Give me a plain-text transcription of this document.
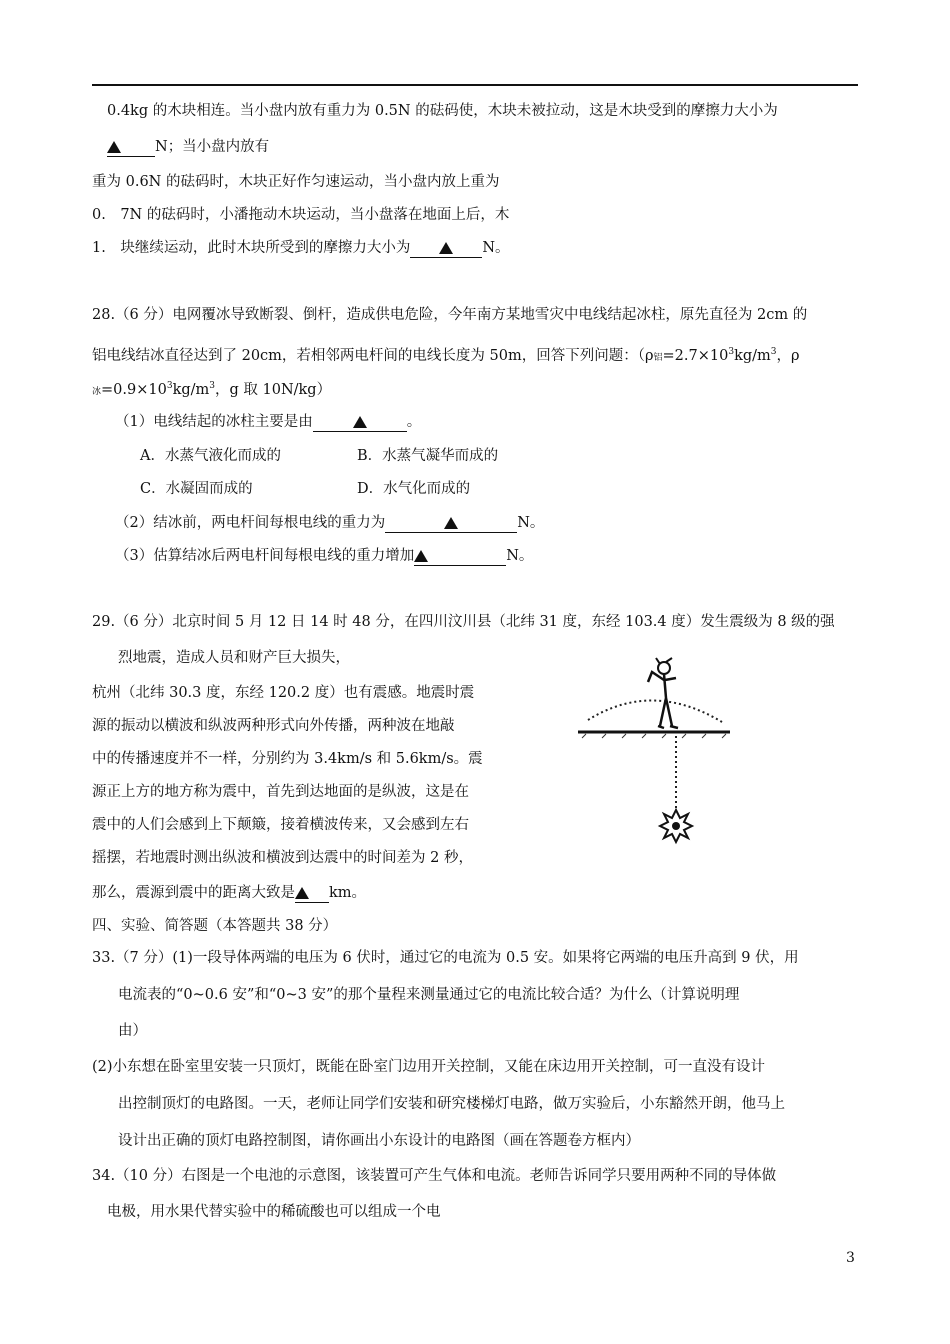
0.4kg 的木块相连。当小盘内放有重力为 0.5N 的砝码使，木块未被拉动，这是木块受到的摩擦力大小为
N；当小盘内放有
重为 0.6N 的砝码时，木块正好作匀速运动，当小盘内放上重为
0.　7N 的砝码时，小潘拖动木块运动，当小盘落在地面上后，木
1.　块继续运动，此时木块所受到的摩擦力大小为	N。
28.（6 分）电网覆冰导致断裂、倒杆，造成供电危险，今年南方某地雪灾中电线结起冰柱，原先直径为 2cm 的
铝电线结冰直径达到了 20cm，若相邻两电杆间的电线长度为 50m，回答下列问题：（ρ铝$=2.7\times 10^3kg/m^3$，ρ
冰$=0.9\times 10^3kg/m^3$，g 取 10N/kg）
（1）电线结起的冰柱主要是由	。
A．水蒸气液化而成的	B．水蒸气凝华而成的
C．水凝固而成的	D．水气化而成的
（2）结冰前，两电杆间每根电线的重力为	N。
（3）估算结冰后两电杆间每根电线的重力增加	N。
29.（6 分）北京时间 5 月 12 日 14 时 48 分，在四川汶川县（北纬 31 度，东经 103.4 度）发生震级为 8 级的强
烈地震，造成人员和财产巨大损失，
杭州（北纬 30.3 度，东经 120.2 度）也有震感。地震时震
源的振动以横波和纵波两种形式向外传播，两种波在地敲
中的传播速度并不一样，分别约为 3.4km/s 和 5.6km/s。震
源正上方的地方称为震中，首先到达地面的是纵波，这是在
震中的人们会感到上下颠簸，接着横波传来，又会感到左右
摇摆，若地震时测出纵波和横波到达震中的时间差为 2 秒，
那么，震源到震中的距离大致是 km。
四、实验、简答题（本答题共 38 分）
33.（7 分）(1)一段导体两端的电压为 6 伏时，通过它的电流为 0.5 安。如果将它两端的电压升高到 9 伏，用
电流表的“0~0.6 安”和“0~3 安”的那个量程来测量通过它的电流比较合适？为什么（计算说明理
由）
(2)小东想在卧室里安装一只顶灯，既能在卧室门边用开关控制，又能在床边用开关控制，可一直没有设计
出控制顶灯的电路图。一天，老师让同学们安装和研究楼梯灯电路，做万实验后，小东豁然开朗，他马上
设计出正确的顶灯电路控制图，请你画出小东设计的电路图（画在答题卷方框内）
34.（10 分）右图是一个电池的示意图，该装置可产生气体和电流。老师告诉同学只要用两种不同的导体做
电极，用水果代替实验中的稀硫酸也可以组成一个电
3
